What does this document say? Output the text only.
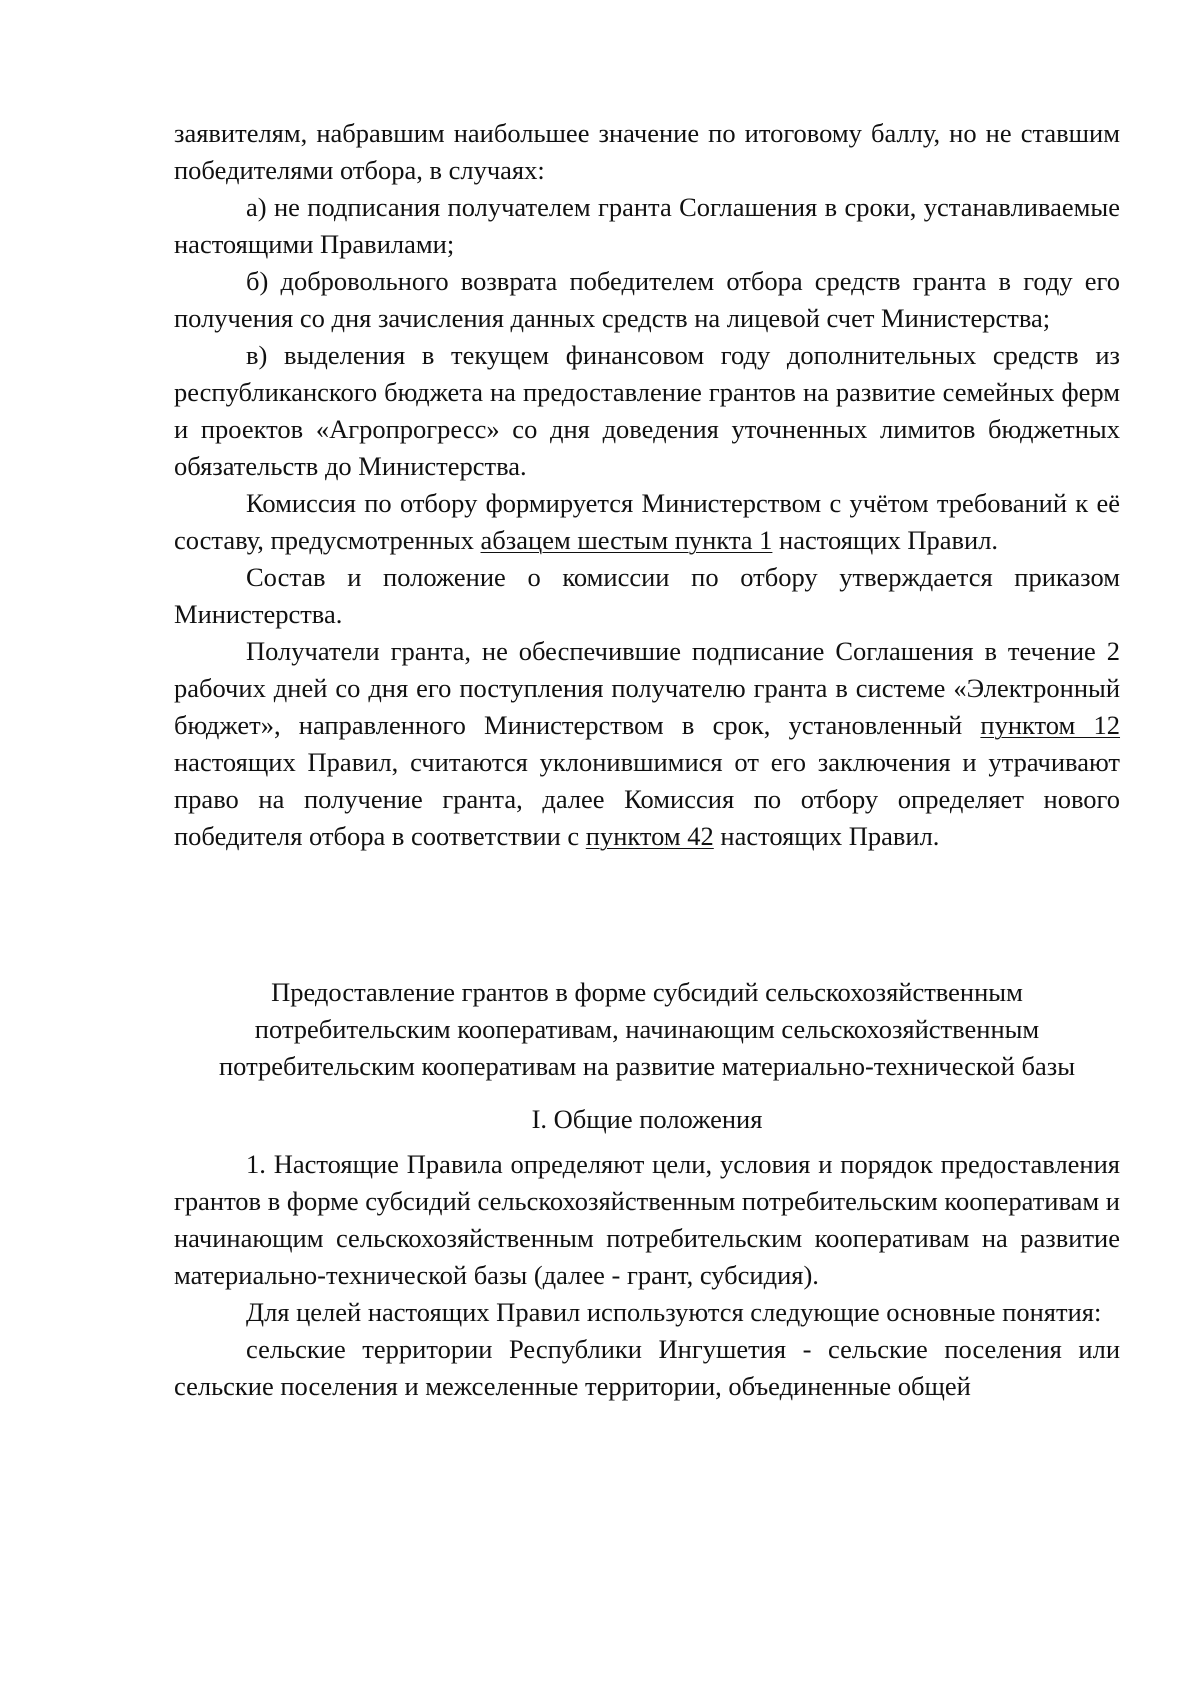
заявителям, набравшим наибольшее значение по итоговому баллу, но не ставшим победителями отбора, в случаях:

а) не подписания получателем гранта Соглашения в сроки, устанавливаемые настоящими Правилами;

б) добровольного возврата победителем отбора средств гранта в году его получения со дня зачисления данных средств на лицевой счет Министерства;

в) выделения в текущем финансовом году дополнительных средств из республиканского бюджета на предоставление грантов на развитие семейных ферм и проектов «Агропрогресс» со дня доведения уточненных лимитов бюджетных обязательств до Министерства.

Комиссия по отбору формируется Министерством с учётом требований к её составу, предусмотренных абзацем шестым пункта 1 настоящих Правил.

Состав и положение о комиссии по отбору утверждается приказом Министерства.

Получатели гранта, не обеспечившие подписание Соглашения в течение 2 рабочих дней со дня его поступления получателю гранта в системе «Электронный бюджет», направленного Министерством в срок, установленный пунктом 12 настоящих Правил, считаются уклонившимися от его заключения и утрачивают право на получение гранта, далее Комиссия по отбору определяет нового победителя отбора в соответствии с пунктом 42 настоящих Правил.

Предоставление грантов в форме субсидий сельскохозяйственным
потребительским кооперативам, начинающим сельскохозяйственным
потребительским кооперативам на развитие материально-технической базы

I. Общие положения

1. Настоящие Правила определяют цели, условия и порядок предоставления грантов в форме субсидий сельскохозяйственным потребительским кооперативам и начинающим сельскохозяйственным потребительским кооперативам на развитие материально-технической базы (далее - грант, субсидия).

Для целей настоящих Правил используются следующие основные понятия:

сельские территории Республики Ингушетия - сельские поселения или сельские поселения и межселенные территории, объединенные общей
